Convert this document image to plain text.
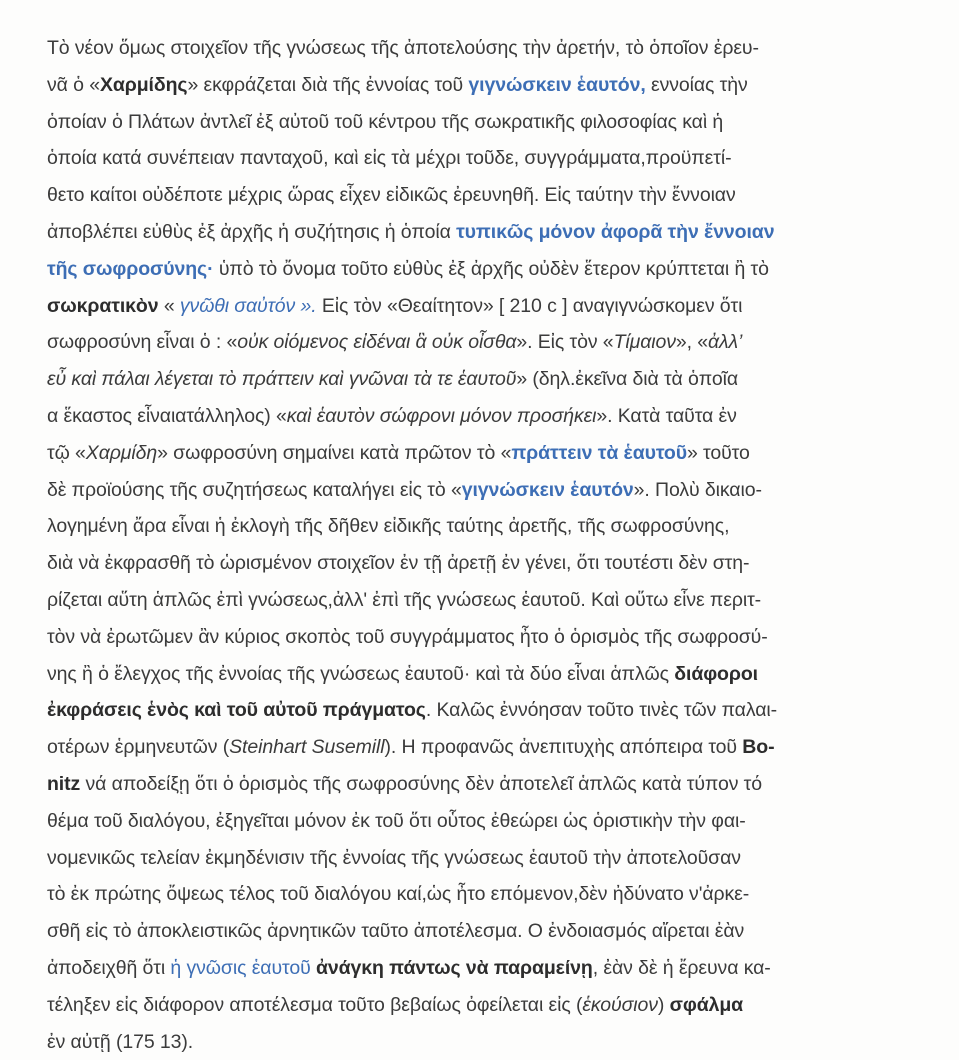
Τὸ νέον ὅμως στοιχεῖον τῆς γνώσεως τῆς ἀποτελούσης τὴν ἀρετήν, τὸ ὁποῖον ἐρευ-
νᾶ ὁ «Χαρμίδης» εκφράζεται διὰ τῆς ἐννοίας τοῦ γιγνώσκειν ἑαυτόν, εννοίας τὴν
ὁποίαν ὁ Πλάτων ἀντλεῖ ἐξ αὐτοῦ τοῦ κέντρου τῆς σωκρατικῆς φιλοσοφίας καὶ ἡ
ὁποία κατά συνέπειαν πανταχοῦ, καὶ εἰς τὰ μέχρι τοῦδε, συγγράμματα,προϋπετί-
θετο καίτοι οὐδέποτε μέχρις ὥρας εἶχεν εἰδικῶς ἐρευνηθῆ. Εἰς ταύτην τὴν ἔννοιαν
ἀποβλέπει εὐθὺς ἐξ ἀρχῆς ἡ συζήτησις ἡ ὁποία τυπικῶς μόνον ἀφορᾶ τὴν ἔννοιαν
τῆς σωφροσύνης· ὑπὸ τὸ ὄνομα τοῦτο εὐθὺς ἐξ ἀρχῆς οὐδὲν ἕτερον κρύπτεται ἢ τὸ
σωκρατικὸν « γνῶθι σαὐτόν ». Εἰς τὸν «Θεαίτητον» [ 210 c ] αναγιγνώσκομεν ὅτι
σωφροσύνη εἶναι ὁ : «οὐκ οἰόμενος εἰδέναι ἃ οὐκ οἶσθα». Εἰς τὸν «Τίμαιον», «ἀλλ’
εὖ καὶ πάλαι λέγεται τὸ πράττειν καὶ γνῶναι τὰ τε ἑαυτοῦ» (δηλ.ἐκεῖνα διὰ τὰ ὁποῖα
α ἕκαστος εἶναιατάλληλος) «καὶ ἑαυτὸν σώφρονι μόνον προσήκει». Κατὰ ταῦτα ἐν
τῷ «Χαρμίδη» σωφροσύνη σημαίνει κατὰ πρῶτον τὸ «πράττειν τὰ ἑαυτοῦ» τοῦτο
δὲ προϊούσης τῆς συζητήσεως καταλήγει εἰς τὸ «γιγνώσκειν ἑαυτόν». Πολὺ δικαιο-
λογημένη ἄρα εἶναι ἡ ἐκλογὴ τῆς δῆθεν εἰδικῆς ταύτης ἀρετῆς, τῆς σωφροσύνης,
διὰ νὰ ἐκφρασθῆ τὸ ὡρισμένον στοιχεῖον ἐν τῇ ἀρετῇ ἐν γένει, ὅτι τουτέστι δὲν στη-
ρίζεται αὕτη ἁπλῶς ἐπὶ γνώσεως,ἀλλ' ἐπὶ τῆς γνώσεως ἑαυτοῦ. Καὶ οὕτω εἶνε περιτ-
τὸν νὰ ἐρωτῶμεν ἂν κύριος σκοπὸς τοῦ συγγράμματος ἦτο ὁ ὁρισμὸς τῆς σωφροσύ-
νης ἢ ὁ ἔλεγχος τῆς ἐννοίας τῆς γνώσεως ἑαυτοῦ· καὶ τὰ δύο εἶναι ἁπλῶς διάφοροι
ἐκφράσεις ἑνὸς καὶ τοῦ αὐτοῦ πράγματος. Καλῶς ἐννόησαν τοῦτο τινὲς τῶν παλαι-
οτέρων ἑρμηνευτῶν (Steinhart Susemill). Η προφανῶς ἀνεπιτυχὴς απόπειρα τοῦ Bo-
nitz νά αποδείξῃ ὅτι ὁ ὁρισμὸς τῆς σωφροσύνης δὲν ἀποτελεῖ ἁπλῶς κατὰ τύπον τό
θέμα τοῦ διαλόγου, ἐξηγεῖται μόνον ἐκ τοῦ ὅτι οὗτος ἐθεώρει ὡς ὁριστικὴν τὴν φαι-
νομενικῶς τελείαν ἐκμηδένισιν τῆς ἐννοίας τῆς γνώσεως ἑαυτοῦ τὴν ἀποτελοῦσαν
τὸ ἐκ πρώτης ὄψεως τέλος τοῦ διαλόγου καί,ὡς ἦτο επόμενον,δὲν ἠδύνατο ν'ἀρκε-
σθῆ εἰς τὸ ἀποκλειστικῶς ἀρνητικῶν ταῦτο ἀποτέλεσμα. Ο ἐνδοιασμός αἴρεται ἐὰν
ἀποδειχθῆ ὅτι ἡ γνῶσις ἑαυτοῦ ἀνάγκη πάντως νὰ παραμείνῃ, ἐὰν δὲ ἡ ἔρευνα κα-
τέληξεν εἰς διάφορον αποτέλεσμα τοῦτο βεβαίως ὀφείλεται εἰς (ἑκούσιον) σφάλμα
ἐν αὐτῇ (175 13).
